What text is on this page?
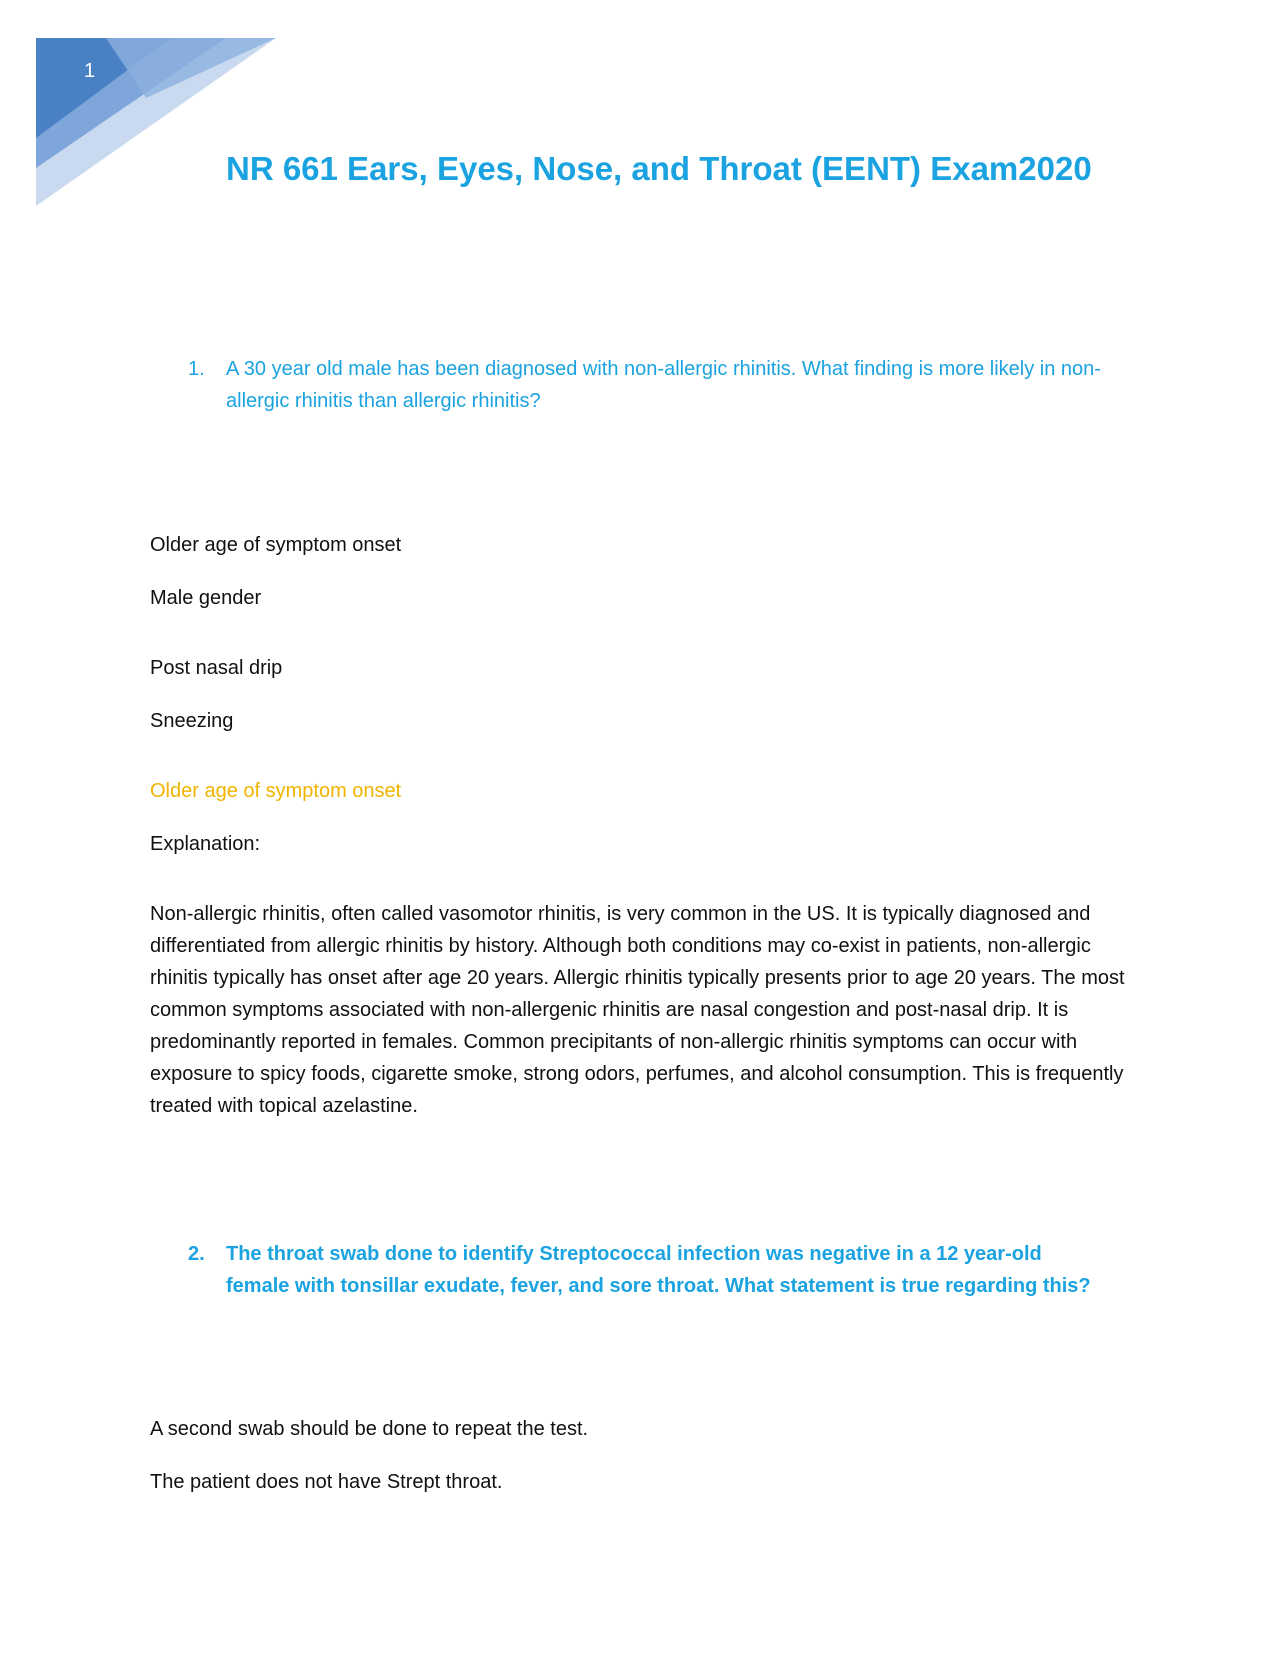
1
NR 661 Ears, Eyes, Nose, and Throat (EENT) Exam2020
1. A 30 year old male has been diagnosed with non-allergic rhinitis. What finding is more likely in non-allergic rhinitis than allergic rhinitis?

Older age of symptom onset

Male gender

Post nasal drip

Sneezing

Older age of symptom onset

Explanation:

Non-allergic rhinitis, often called vasomotor rhinitis, is very common in the US. It is typically diagnosed and differentiated from allergic rhinitis by history. Although both conditions may co-exist in patients, non-allergic rhinitis typically has onset after age 20 years. Allergic rhinitis typically presents prior to age 20 years. The most common symptoms associated with non-allergenic rhinitis are nasal congestion and post-nasal drip. It is predominantly reported in females. Common precipitants of non-allergic rhinitis symptoms can occur with exposure to spicy foods, cigarette smoke, strong odors, perfumes, and alcohol consumption. This is frequently treated with topical azelastine.

2. The throat swab done to identify Streptococcal infection was negative in a 12 year-old female with tonsillar exudate, fever, and sore throat. What statement is true regarding this?

A second swab should be done to repeat the test.

The patient does not have Strept throat.
